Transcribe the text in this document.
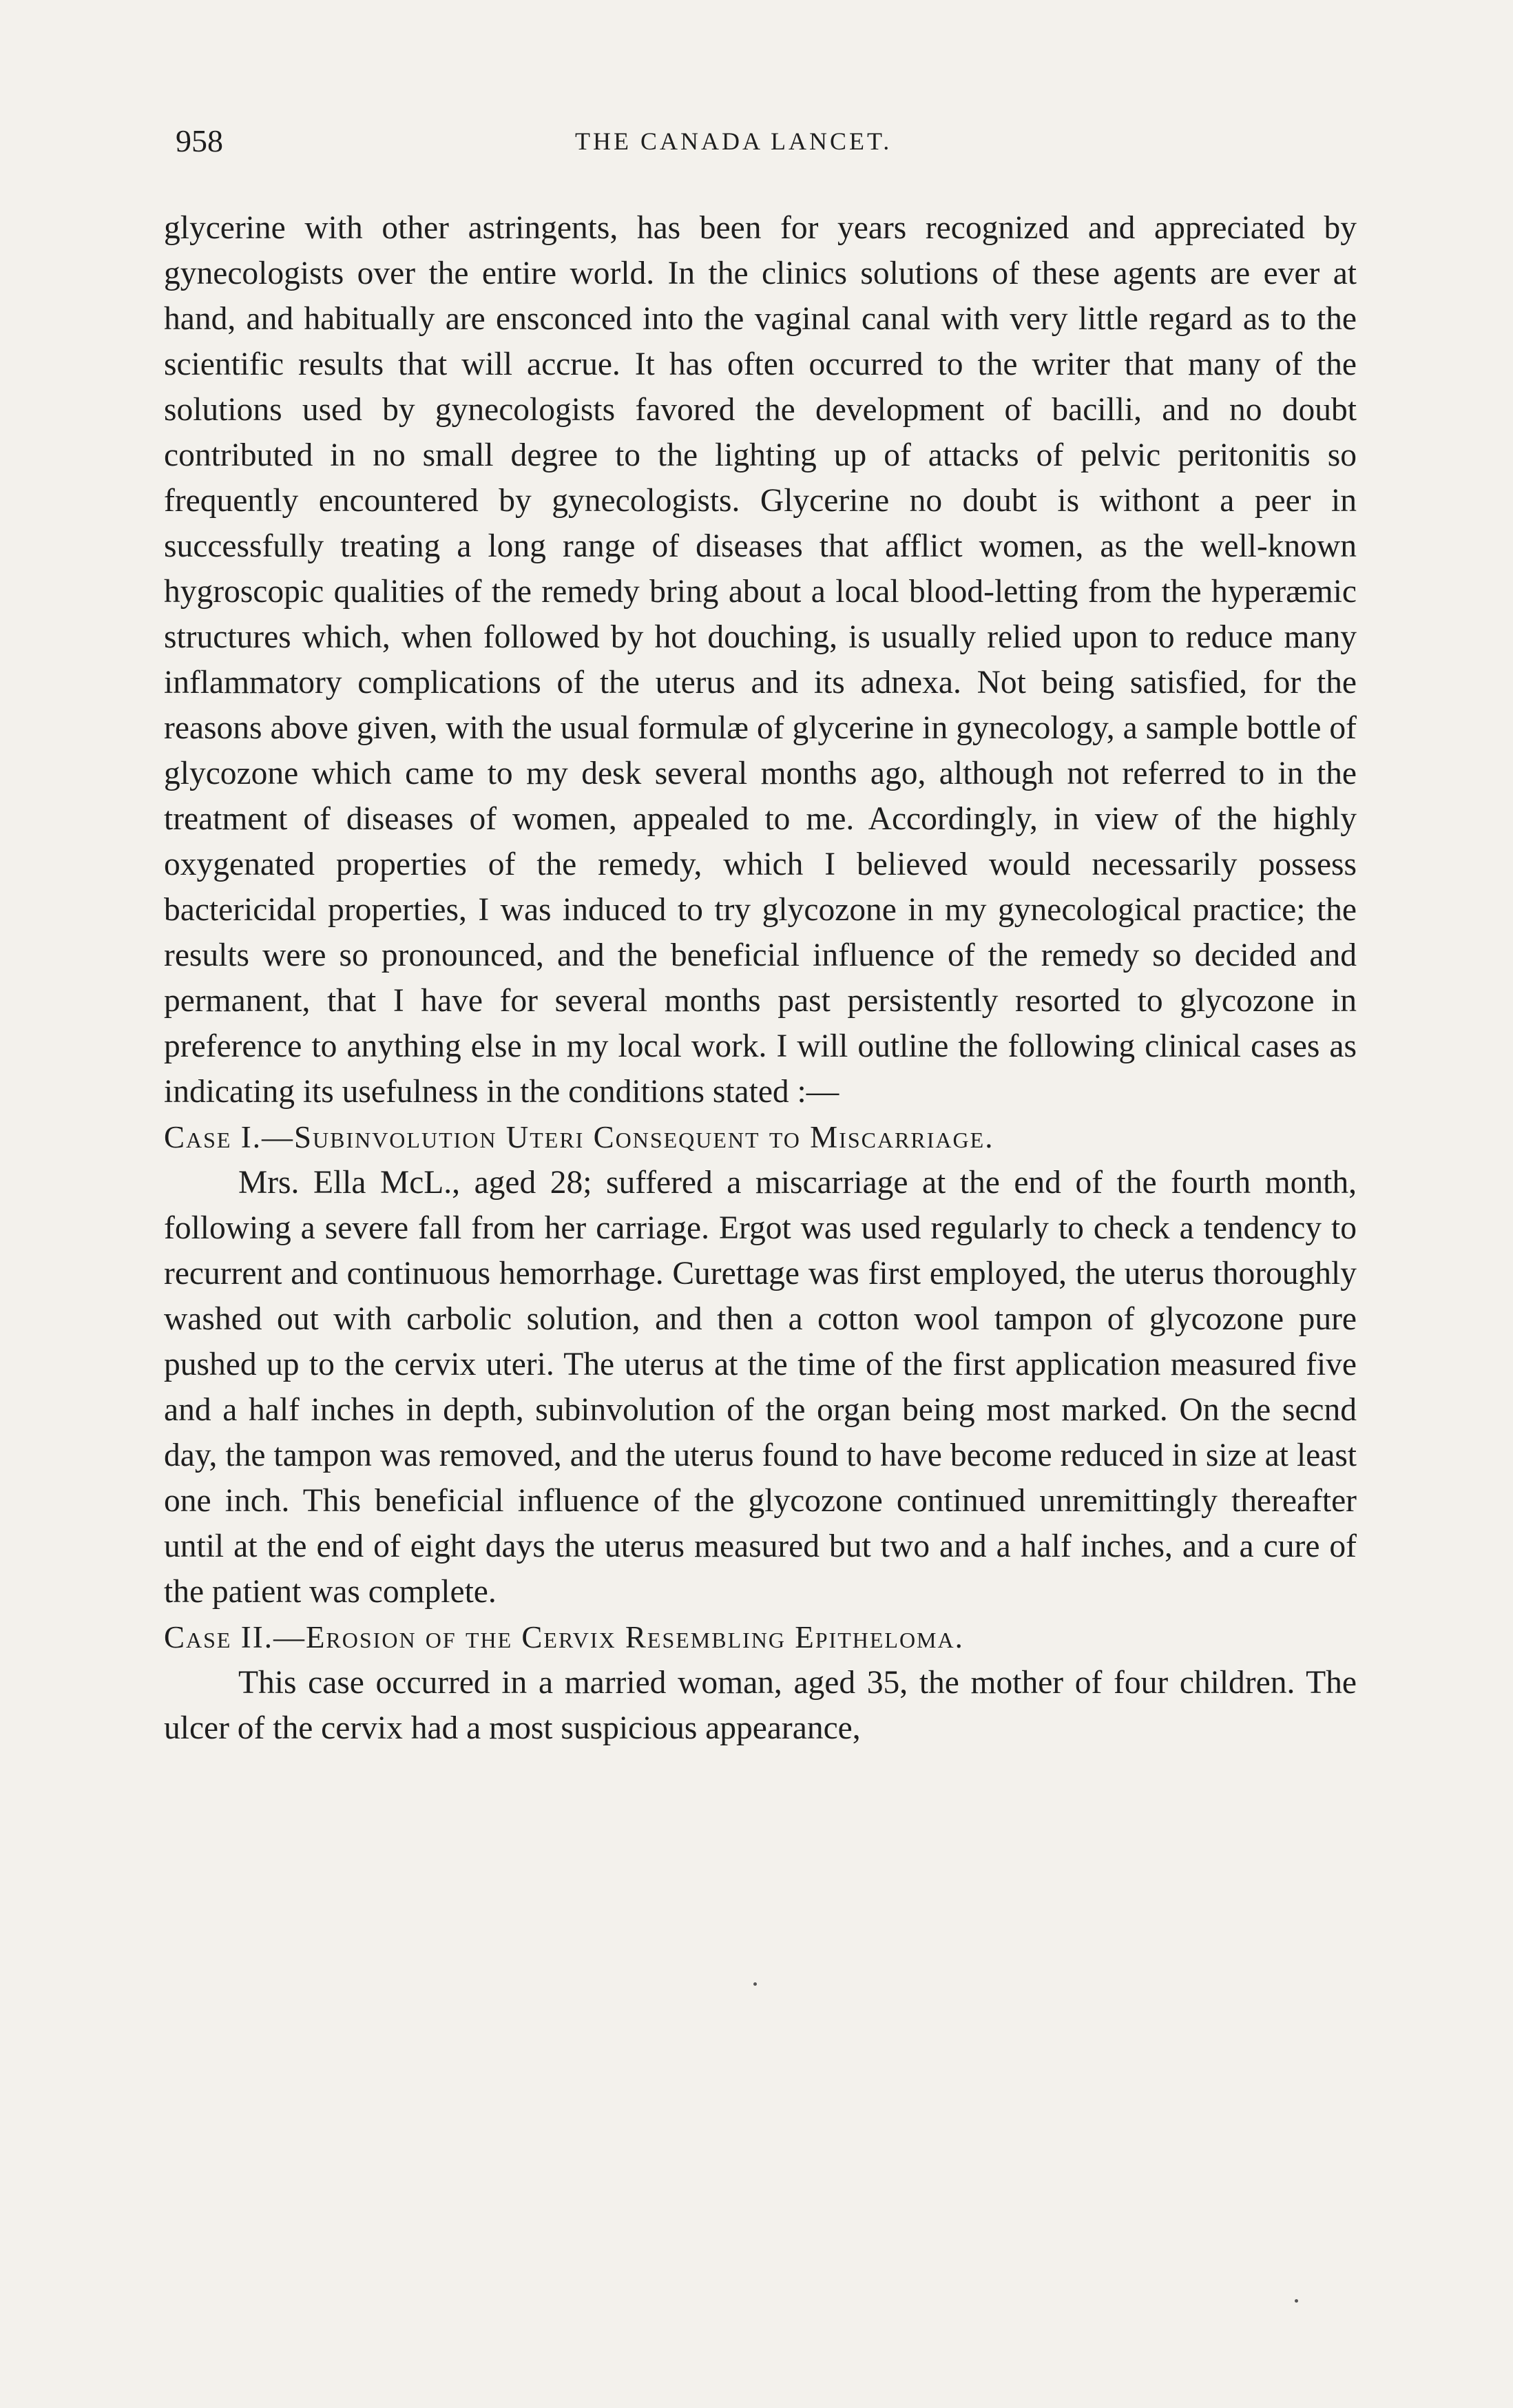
958	THE CANADA LANCET.

glycerine with other astringents, has been for years recognized and appreciated by gynecologists over the entire world. In the clinics solutions of these agents are ever at hand, and habitually are ensconced into the vaginal canal with very little regard as to the scientific results that will accrue. It has often occurred to the writer that many of the solutions used by gynecologists favored the development of bacilli, and no doubt contributed in no small degree to the lighting up of attacks of pelvic peritonitis so frequently encountered by gynecologists. Glycerine no doubt is withont a peer in successfully treating a long range of diseases that afflict women, as the well-known hygroscopic qualities of the remedy bring about a local blood-letting from the hyperæmic structures which, when followed by hot douching, is usually relied upon to reduce many inflammatory complications of the uterus and its adnexa. Not being satisfied, for the reasons above given, with the usual formulæ of glycerine in gynecology, a sample bottle of glycozone which came to my desk several months ago, although not referred to in the treatment of diseases of women, appealed to me. Accordingly, in view of the highly oxygenated properties of the remedy, which I believed would necessarily possess bactericidal properties, I was induced to try glycozone in my gynecological practice; the results were so pronounced, and the beneficial influence of the remedy so decided and permanent, that I have for several months past persistently resorted to glycozone in preference to anything else in my local work. I will outline the following clinical cases as indicating its usefulness in the conditions stated :—

Case I.—Subinvolution Uteri Consequent to Miscarriage.

Mrs. Ella McL., aged 28; suffered a miscarriage at the end of the fourth month, following a severe fall from her carriage. Ergot was used regularly to check a tendency to recurrent and continuous hemorrhage. Curettage was first employed, the uterus thoroughly washed out with carbolic solution, and then a cotton wool tampon of glycozone pure pushed up to the cervix uteri. The uterus at the time of the first application measured five and a half inches in depth, subinvolution of the organ being most marked. On the secnd day, the tampon was removed, and the uterus found to have become reduced in size at least one inch. This beneficial influence of the glycozone continued unremittingly thereafter until at the end of eight days the uterus measured but two and a half inches, and a cure of the patient was complete.

Case II.—Erosion of the Cervix Resembling Epitheloma.

This case occurred in a married woman, aged 35, the mother of four children. The ulcer of the cervix had a most suspicious appearance,
